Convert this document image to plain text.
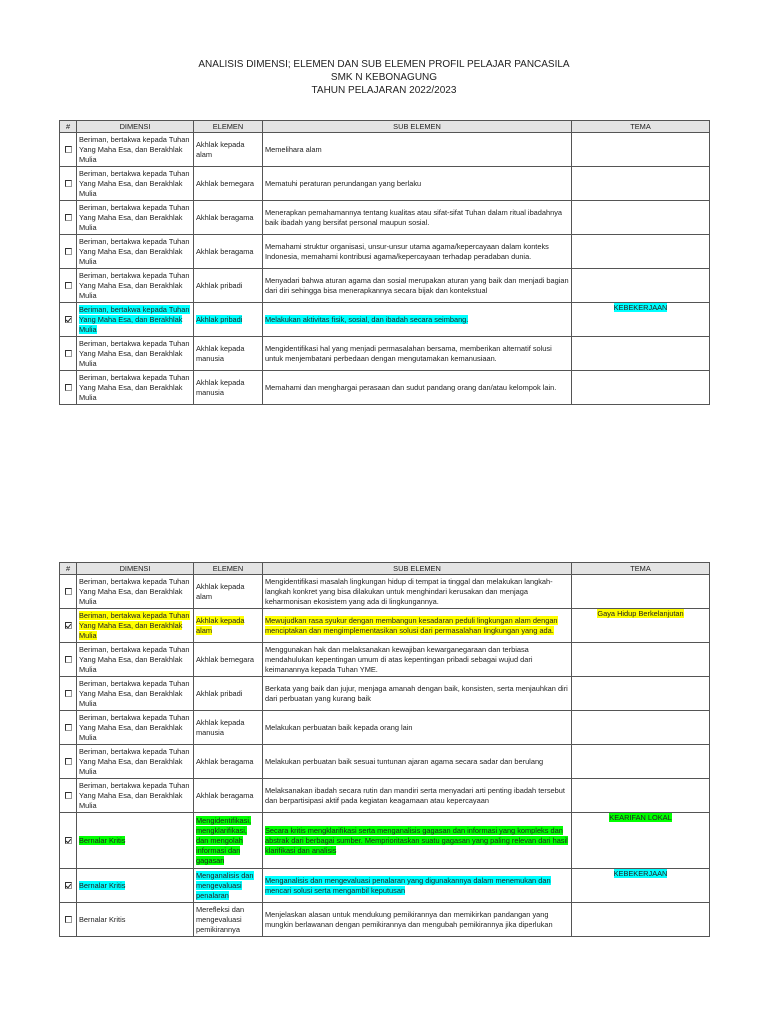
ANALISIS DIMENSI; ELEMEN DAN SUB ELEMEN PROFIL PELAJAR PANCASILA
SMK N KEBONAGUNG
TAHUN PELAJARAN 2022/2023
#	DIMENSI	ELEMEN	SUB ELEMEN	TEMA
	Beriman, bertakwa kepada Tuhan Yang Maha Esa, dan Berakhlak Mulia	Akhlak kepada alam	Memelihara alam	
	Beriman, bertakwa kepada Tuhan Yang Maha Esa, dan Berakhlak Mulia	Akhlak bernegara	Mematuhi peraturan perundangan yang berlaku	
	Beriman, bertakwa kepada Tuhan Yang Maha Esa, dan Berakhlak Mulia	Akhlak beragama	Menerapkan pemahamannya tentang kualitas atau sifat-sifat Tuhan dalam ritual ibadahnya baik ibadah yang bersifat personal maupun sosial.	
	Beriman, bertakwa kepada Tuhan Yang Maha Esa, dan Berakhlak Mulia	Akhlak beragama	Memahami struktur organisasi, unsur-unsur utama agama/kepercayaan dalam konteks Indonesia, memahami kontribusi agama/kepercayaan terhadap peradaban dunia.	
	Beriman, bertakwa kepada Tuhan Yang Maha Esa, dan Berakhlak Mulia	Akhlak pribadi	Menyadari bahwa aturan agama dan sosial merupakan aturan yang baik dan menjadi bagian dari diri sehingga bisa menerapkannya secara bijak dan kontekstual	
	Beriman, bertakwa kepada Tuhan Yang Maha Esa, dan Berakhlak Mulia	Akhlak pribadi	Melakukan aktivitas fisik, sosial, dan ibadah secara seimbang.	KEBEKERJAAN
	Beriman, bertakwa kepada Tuhan Yang Maha Esa, dan Berakhlak Mulia	Akhlak kepada manusia	Mengidentifikasi hal yang menjadi permasalahan bersama, memberikan alternatif solusi untuk menjembatani perbedaan dengan mengutamakan kemanusiaan.	
	Beriman, bertakwa kepada Tuhan Yang Maha Esa, dan Berakhlak Mulia	Akhlak kepada manusia	Memahami dan menghargai perasaan dan sudut pandang orang dan/atau kelompok lain.	
#	DIMENSI	ELEMEN	SUB ELEMEN	TEMA
	Beriman, bertakwa kepada Tuhan Yang Maha Esa, dan Berakhlak Mulia	Akhlak kepada alam	Mengidentifikasi masalah lingkungan hidup di tempat ia tinggal dan melakukan langkah-langkah konkret yang bisa dilakukan untuk menghindari kerusakan dan menjaga keharmonisan ekosistem yang ada di lingkungannya.	
	Beriman, bertakwa kepada Tuhan Yang Maha Esa, dan Berakhlak Mulia	Akhlak kepada alam	Mewujudkan rasa syukur dengan membangun kesadaran peduli lingkungan alam dengan menciptakan dan mengimplementasikan solusi dari permasalahan lingkungan yang ada.	Gaya Hidup Berkelanjutan
	Beriman, bertakwa kepada Tuhan Yang Maha Esa, dan Berakhlak Mulia	Akhlak bernegara	Menggunakan hak dan melaksanakan kewajiban kewarganegaraan dan terbiasa mendahulukan kepentingan umum di atas kepentingan pribadi sebagai wujud dari keimanannya kepada Tuhan YME.	
	Beriman, bertakwa kepada Tuhan Yang Maha Esa, dan Berakhlak Mulia	Akhlak pribadi	Berkata yang baik dan jujur, menjaga amanah dengan baik, konsisten, serta menjauhkan diri dari perbuatan yang kurang baik	
	Beriman, bertakwa kepada Tuhan Yang Maha Esa, dan Berakhlak Mulia	Akhlak kepada manusia	Melakukan perbuatan baik kepada orang lain	
	Beriman, bertakwa kepada Tuhan Yang Maha Esa, dan Berakhlak Mulia	Akhlak beragama	Melakukan perbuatan baik sesuai tuntunan ajaran agama secara sadar dan berulang	
	Beriman, bertakwa kepada Tuhan Yang Maha Esa, dan Berakhlak Mulia	Akhlak beragama	Melaksanakan ibadah secara rutin dan mandiri serta menyadari arti penting ibadah tersebut dan berpartisipasi aktif pada kegiatan keagamaan atau kepercayaan	
	Bernalar Kritis	Mengidentifikasi, mengklarifikasi, dan mengolah informasi dan gagasan	Secara kritis mengklarifikasi serta menganalisis gagasan dan informasi yang kompleks dan abstrak dari berbagai sumber. Memprioritaskan suatu gagasan yang paling relevan dari hasil klarifikasi dan analisis	KEARIFAN LOKAL
	Bernalar Kritis	Menganalisis dan mengevaluasi penalaran	Menganalisis dan mengevaluasi penalaran yang digunakannya dalam menemukan dan mencari solusi serta mengambil keputusan	KEBEKERJAAN
	Bernalar Kritis	Merefleksi dan mengevaluasi pemikirannya	Menjelaskan alasan untuk mendukung pemikirannya dan memikirkan pandangan yang mungkin berlawanan dengan pemikirannya dan mengubah pemikirannya jika diperlukan	
